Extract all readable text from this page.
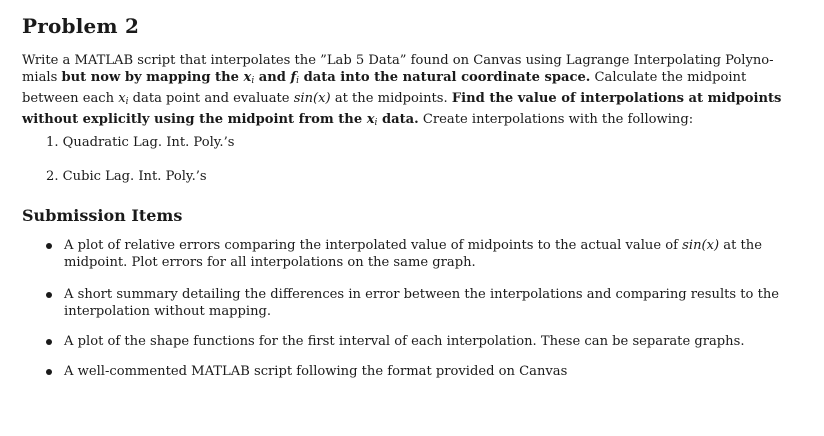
Problem 2
Write a MATLAB script that interpolates the ”Lab 5 Data” found on Canvas using Lagrange Interpolating Polyno-mials but now by mapping the $x_i$ and $f_i$ data into the natural coordinate space. Calculate the midpoint between each $x_i$ data point and evaluate sin(x) at the midpoints. Find the value of interpolations at midpoints without explicitly using the midpoint from the $x_i$ data. Create interpolations with the following:
1. Quadratic Lag. Int. Poly.’s
2. Cubic Lag. Int. Poly.’s
Submission Items
A plot of relative errors comparing the interpolated value of midpoints to the actual value of sin(x) at the midpoint. Plot errors for all interpolations on the same graph.
A short summary detailing the differences in error between the interpolations and comparing results to the interpolation without mapping.
A plot of the shape functions for the first interval of each interpolation. These can be separate graphs.
A well-commented MATLAB script following the format provided on Canvas
